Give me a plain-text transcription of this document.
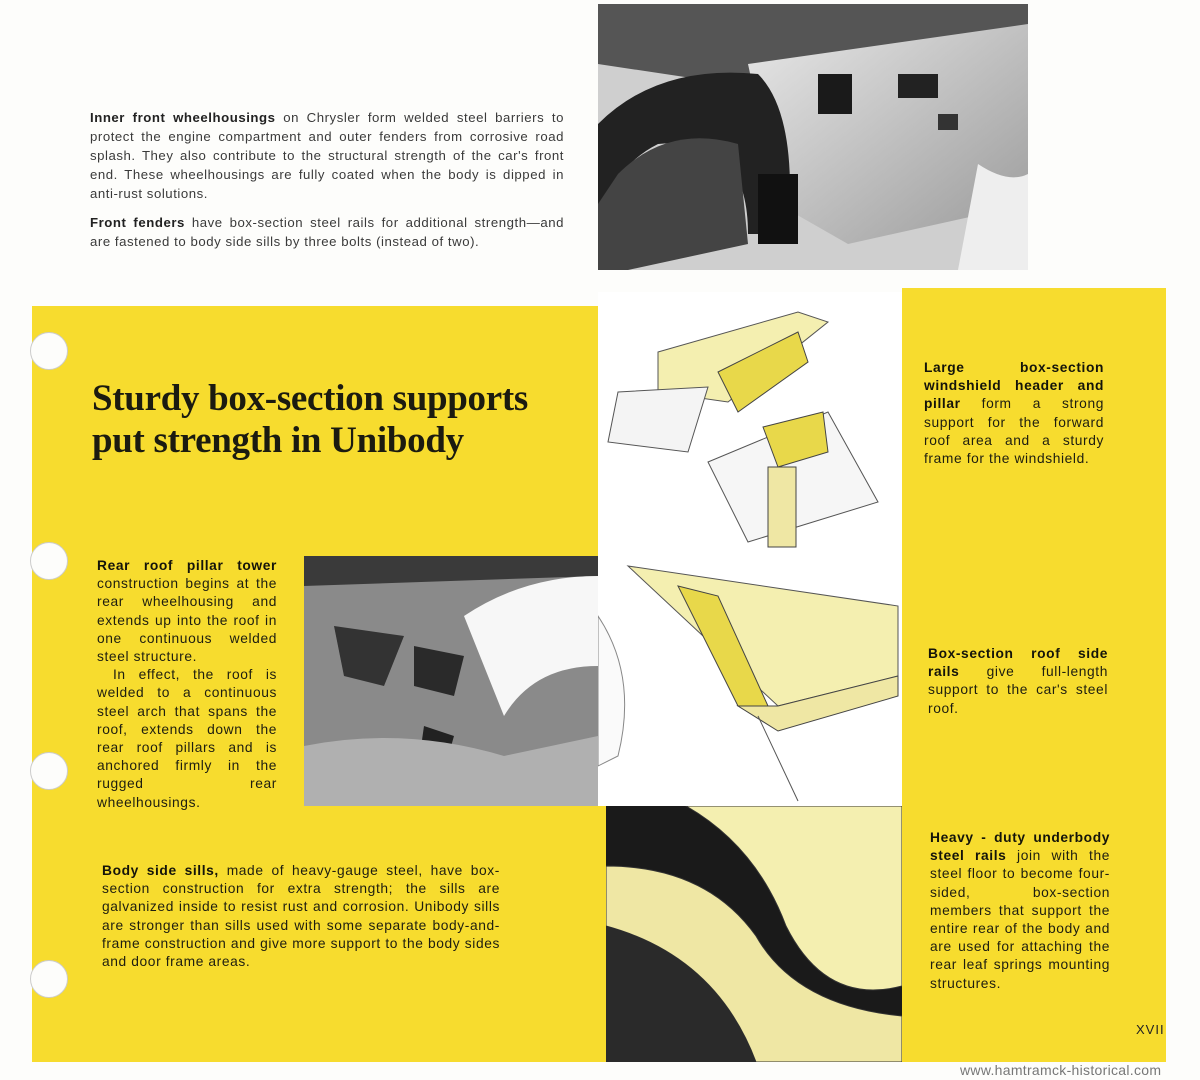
Inner front wheelhousings on Chrysler form welded steel barriers to protect the engine compartment and outer fenders from corrosive road splash. They also contribute to the structural strength of the car's front end. These wheelhousings are fully coated when the body is dipped in anti-rust solutions.

Front fenders have box-section steel rails for additional strength—and are fastened to body side sills by three bolts (instead of two).

Sturdy box-section supports
put strength in Unibody

Rear roof pillar tower construction begins at the rear wheelhousing and extends up into the roof in one continuous welded steel structure.

In effect, the roof is welded to a continuous steel arch that spans the roof, extends down the rear roof pillars and is anchored firmly in the rugged rear wheelhousings.

Body side sills, made of heavy-gauge steel, have box-section construction for extra strength; the sills are galvanized inside to resist rust and corrosion. Unibody sills are stronger than sills used with some separate body-and-frame construction and give more support to the body sides and door frame areas.

Large box-section windshield header and pillar form a strong support for the forward roof area and a sturdy frame for the windshield.

Box-section roof side rails give full-length support to the car's steel roof.

Heavy - duty underbody steel rails join with the steel floor to become four-sided, box-section members that support the entire rear of the body and are used for attaching the rear leaf springs mounting structures.

XVII
www.hamtramck-historical.com
